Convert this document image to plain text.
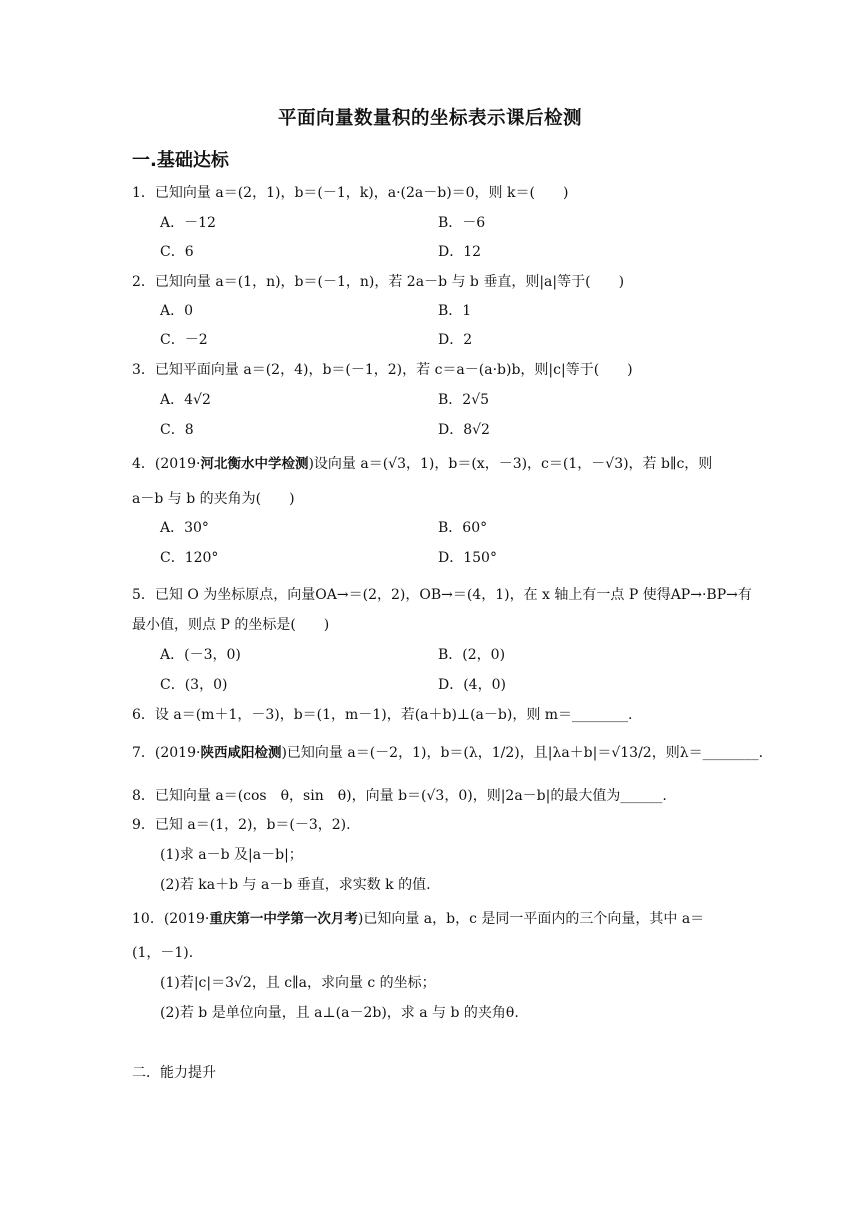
平面向量数量积的坐标表示课后检测
一.基础达标
1．已知向量 a＝(2，1)，b＝(－1，k)，a·(2a－b)＝0，则 k＝(　　)
A．－12	B．－6
C．6	D．12
2．已知向量 a＝(1，n)，b＝(－1，n)，若 2a－b 与 b 垂直，则|a|等于(　　)
A．0	B．1
C．－2	D．2
3．已知平面向量 a＝(2，4)，b＝(－1，2)，若 c＝a－(a·b)b，则|c|等于(　　)
A．4√2	B．2√5
C．8	D．8√2
4．(2019·河北衡水中学检测)设向量 a＝(√3，1)，b＝(x，－3)，c＝(1，－√3)，若 b∥c，则
a－b 与 b 的夹角为(　　)
A．30°	B．60°
C．120°	D．150°
5．已知 O 为坐标原点，向量OA→＝(2，2)，OB→＝(4，1)，在 x 轴上有一点 P 使得AP→·BP→有
最小值，则点 P 的坐标是(　　)
A．(－3，0)	B．(2，0)
C．(3，0)	D．(4，0)
6．设 a＝(m＋1，－3)，b＝(1，m－1)，若(a＋b)⊥(a－b)，则 m＝________.
7．(2019·陕西咸阳检测)已知向量 a＝(－2，1)，b＝(λ，1/2)，且|λa＋b|＝√13/2，则λ＝________.
8．已知向量 a＝(cos　θ，sin　θ)，向量 b＝(√3，0)，则|2a－b|的最大值为______.
9．已知 a＝(1，2)，b＝(－3，2).
(1)求 a－b 及|a－b|；
(2)若 ka＋b 与 a－b 垂直，求实数 k 的值.
10．(2019·重庆第一中学第一次月考)已知向量 a，b，c 是同一平面内的三个向量，其中 a＝
(1，－1).
(1)若|c|＝3√2，且 c∥a，求向量 c 的坐标；
(2)若 b 是单位向量，且 a⊥(a－2b)，求 a 与 b 的夹角θ.
二．能力提升
